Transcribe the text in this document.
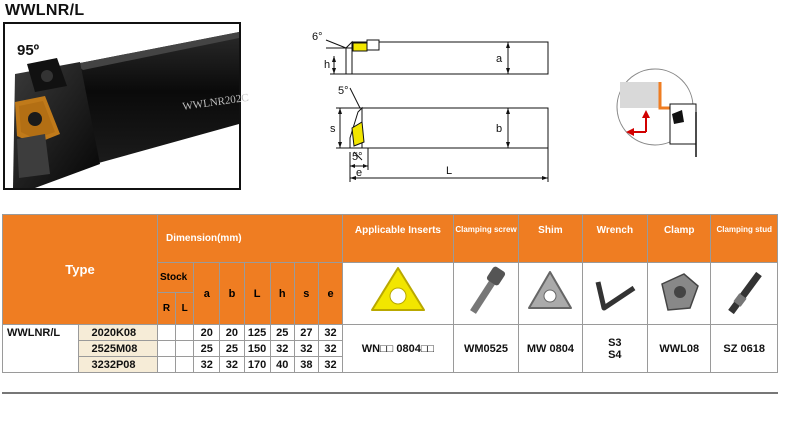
WWLNR/L
95º
WWLNR202C
6°
h	a
5°
s	b
5°
e	L
Type		Dimension(mm)								Applicable Inserts	Clamping screw	Shim	Wrench	Clamp	Clamping stud
		Stock		a	b	L	h	s	e						
		R	L												
WWLNR/L	2020K08			20	20	125	25	27	32	WN□□ 0804□□	WM0525	MW 0804	S3
S4	WWL08	SZ 0618
	2525M08			25	25	150	32	32	32						
	3232P08			32	32	170	40	38	32						
